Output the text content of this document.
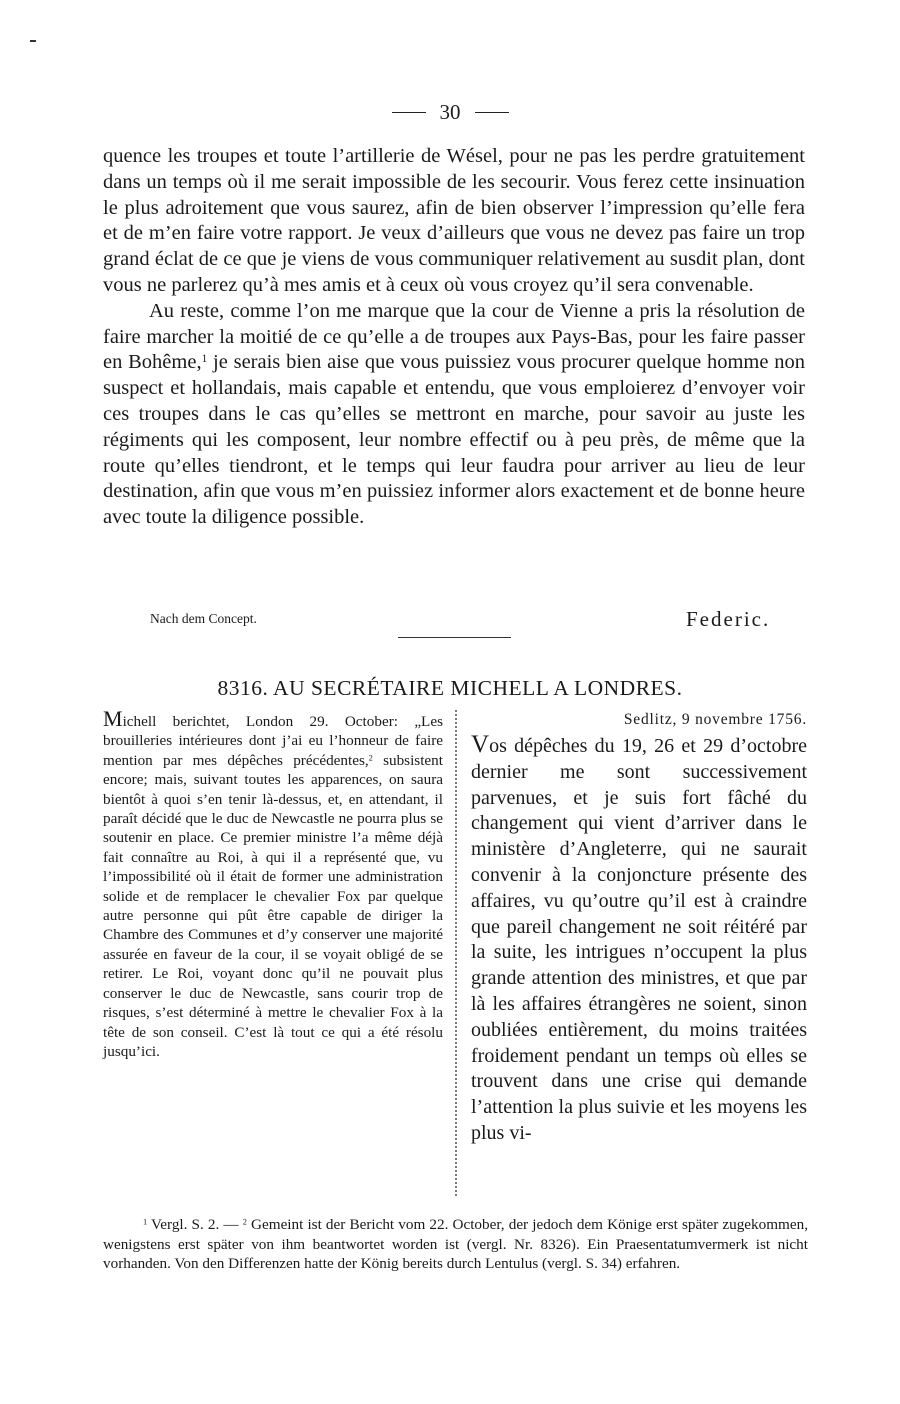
30

quence les troupes et toute l’artillerie de Wésel, pour ne pas les perdre gratuitement dans un temps où il me serait impossible de les secourir. Vous ferez cette insinuation le plus adroitement que vous saurez, afin de bien observer l’impression qu’elle fera et de m’en faire votre rapport. Je veux d’ailleurs que vous ne devez pas faire un trop grand éclat de ce que je viens de vous communiquer relativement au susdit plan, dont vous ne parlerez qu’à mes amis et à ceux où vous croyez qu’il sera convenable.

Au reste, comme l’on me marque que la cour de Vienne a pris la résolution de faire marcher la moitié de ce qu’elle a de troupes aux Pays-Bas, pour les faire passer en Bohême,$^1$ je serais bien aise que vous puissiez vous procurer quelque homme non suspect et hollandais, mais capable et entendu, que vous emploierez d’envoyer voir ces troupes dans le cas qu’elles se mettront en marche, pour savoir au juste les régiments qui les composent, leur nombre effectif ou à peu près, de même que la route qu’elles tiendront, et le temps qui leur faudra pour arriver au lieu de leur destination, afin que vous m’en puissiez informer alors exactement et de bonne heure avec toute la diligence possible.

Nach dem Concept.	Federic.
8316. AU SECRÉTAIRE MICHELL A LONDRES.

Michell berichtet, London 29. October: „Les brouilleries intérieures dont j’ai eu l’honneur de faire mention par mes dépêches précédentes,$^2$ subsistent encore; mais, suivant toutes les apparences, on saura bientôt à quoi s’en tenir là-dessus, et, en attendant, il paraît décidé que le duc de Newcastle ne pourra plus se soutenir en place. Ce premier ministre l’a même déjà fait connaître au Roi, à qui il a représenté que, vu l’impossibilité où il était de former une administration solide et de remplacer le chevalier Fox par quelque autre personne qui pût être capable de diriger la Chambre des Communes et d’y conserver une majorité assurée en faveur de la cour, il se voyait obligé de se retirer. Le Roi, voyant donc qu’il ne pouvait plus conserver le duc de Newcastle, sans courir trop de risques, s’est déterminé à mettre le chevalier Fox à la tête de son conseil. C’est là tout ce qui a été résolu jusqu’ici.

Sedlitz, 9 novembre 1756.

Vos dépêches du 19, 26 et 29 d’octobre dernier me sont successivement parvenues, et je suis fort fâché du changement qui vient d’arriver dans le ministère d’Angleterre, qui ne saurait convenir à la conjoncture présente des affaires, vu qu’outre qu’il est à craindre que pareil changement ne soit réitéré par la suite, les intrigues n’occupent la plus grande attention des ministres, et que par là les affaires étrangères ne soient, sinon oubliées entièrement, du moins traitées froidement pendant un temps où elles se trouvent dans une crise qui demande l’attention la plus suivie et les moyens les plus vi-

$^1$ Vergl. S. 2. — $^2$ Gemeint ist der Bericht vom 22. October, der jedoch dem Könige erst später zugekommen, wenigstens erst später von ihm beantwortet worden ist (vergl. Nr. 8326). Ein Praesentatumvermerk ist nicht vorhanden. Von den Differenzen hatte der König bereits durch Lentulus (vergl. S. 34) erfahren.
